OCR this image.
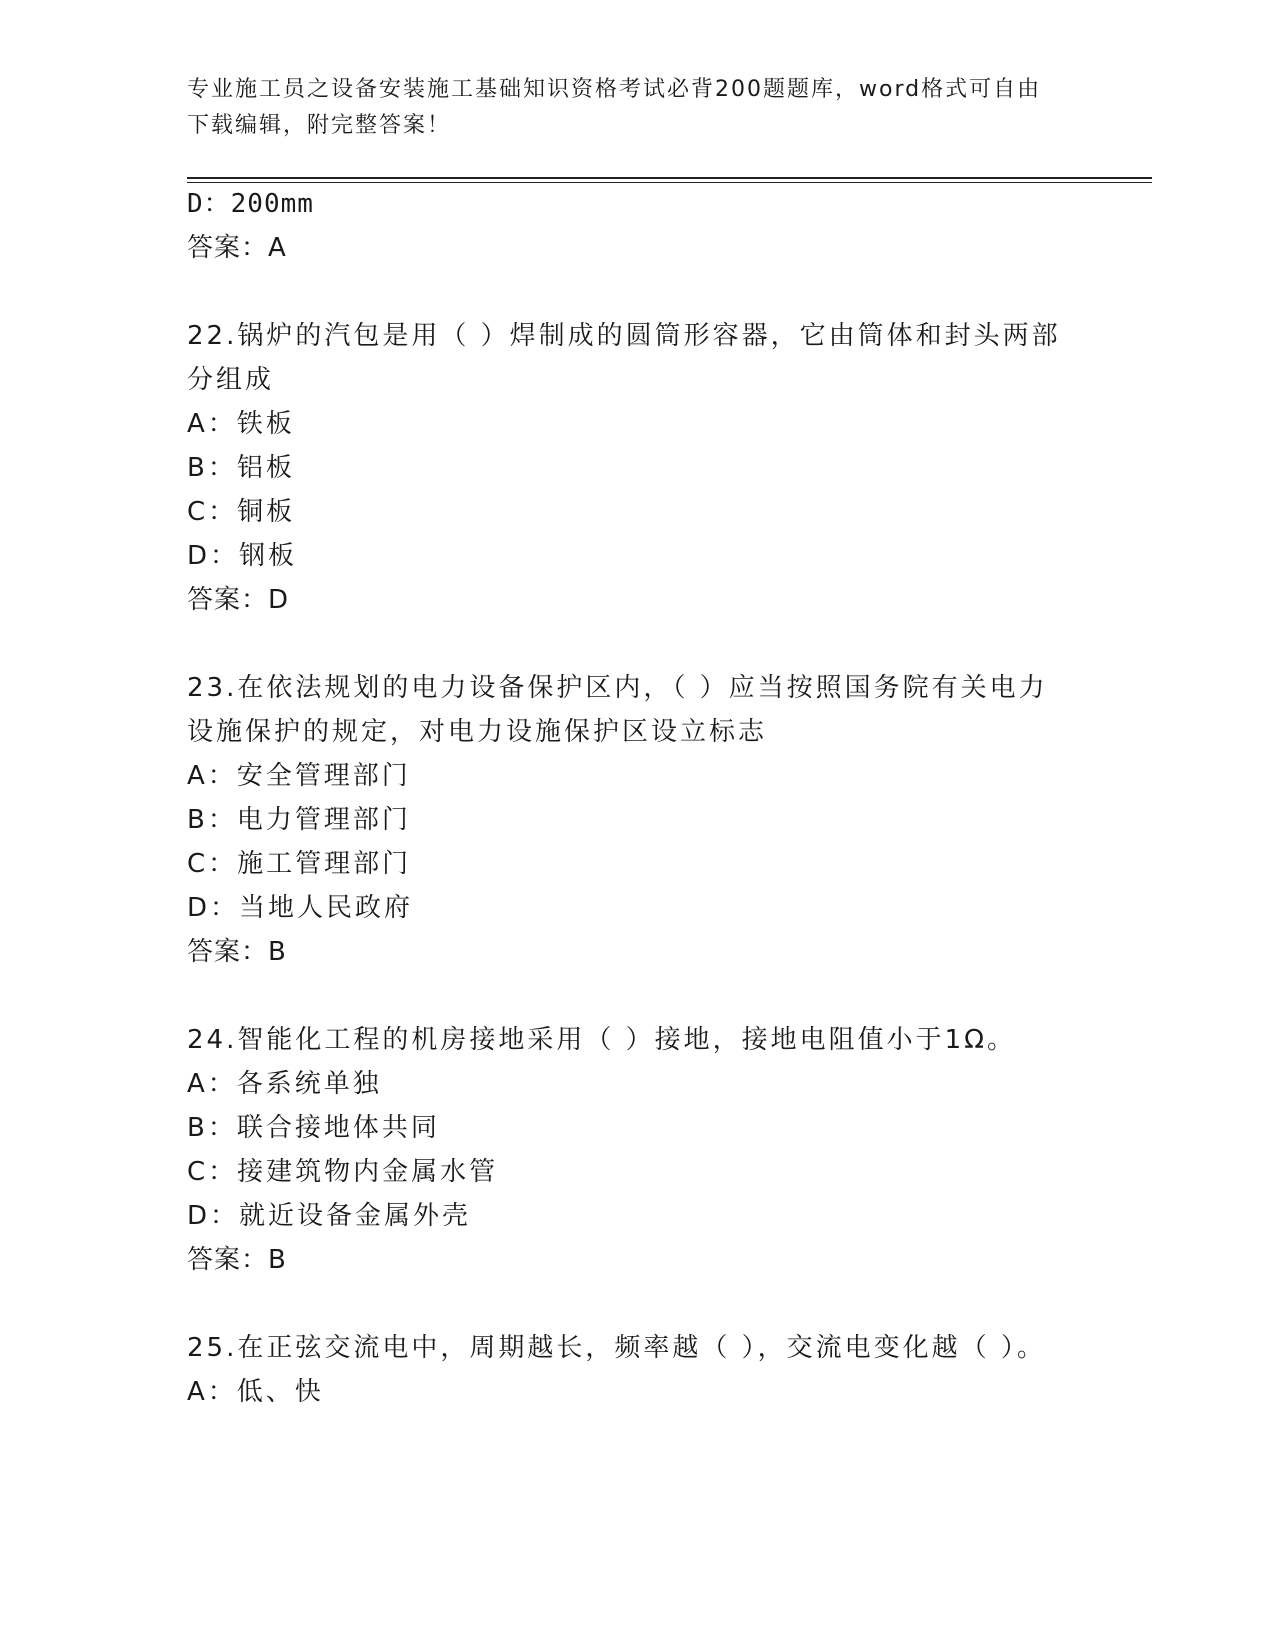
专业施工员之设备安装施工基础知识资格考试必背200题题库，word格式可自由
下载编辑，附完整答案！
D：200mm
答案：A
22.锅炉的汽包是用（ ）焊制成的圆筒形容器，它由筒体和封头两部
分组成
A：铁板
B：铝板
C：铜板
D：钢板
答案：D
23.在依法规划的电力设备保护区内，（ ）应当按照国务院有关电力
设施保护的规定，对电力设施保护区设立标志
A：安全管理部门
B：电力管理部门
C：施工管理部门
D：当地人民政府
答案：B
24.智能化工程的机房接地采用（ ）接地，接地电阻值小于1Ω。
A：各系统单独
B：联合接地体共同
C：接建筑物内金属水管
D：就近设备金属外壳
答案：B
25.在正弦交流电中，周期越长，频率越（ ），交流电变化越（ ）。
A：低、快
